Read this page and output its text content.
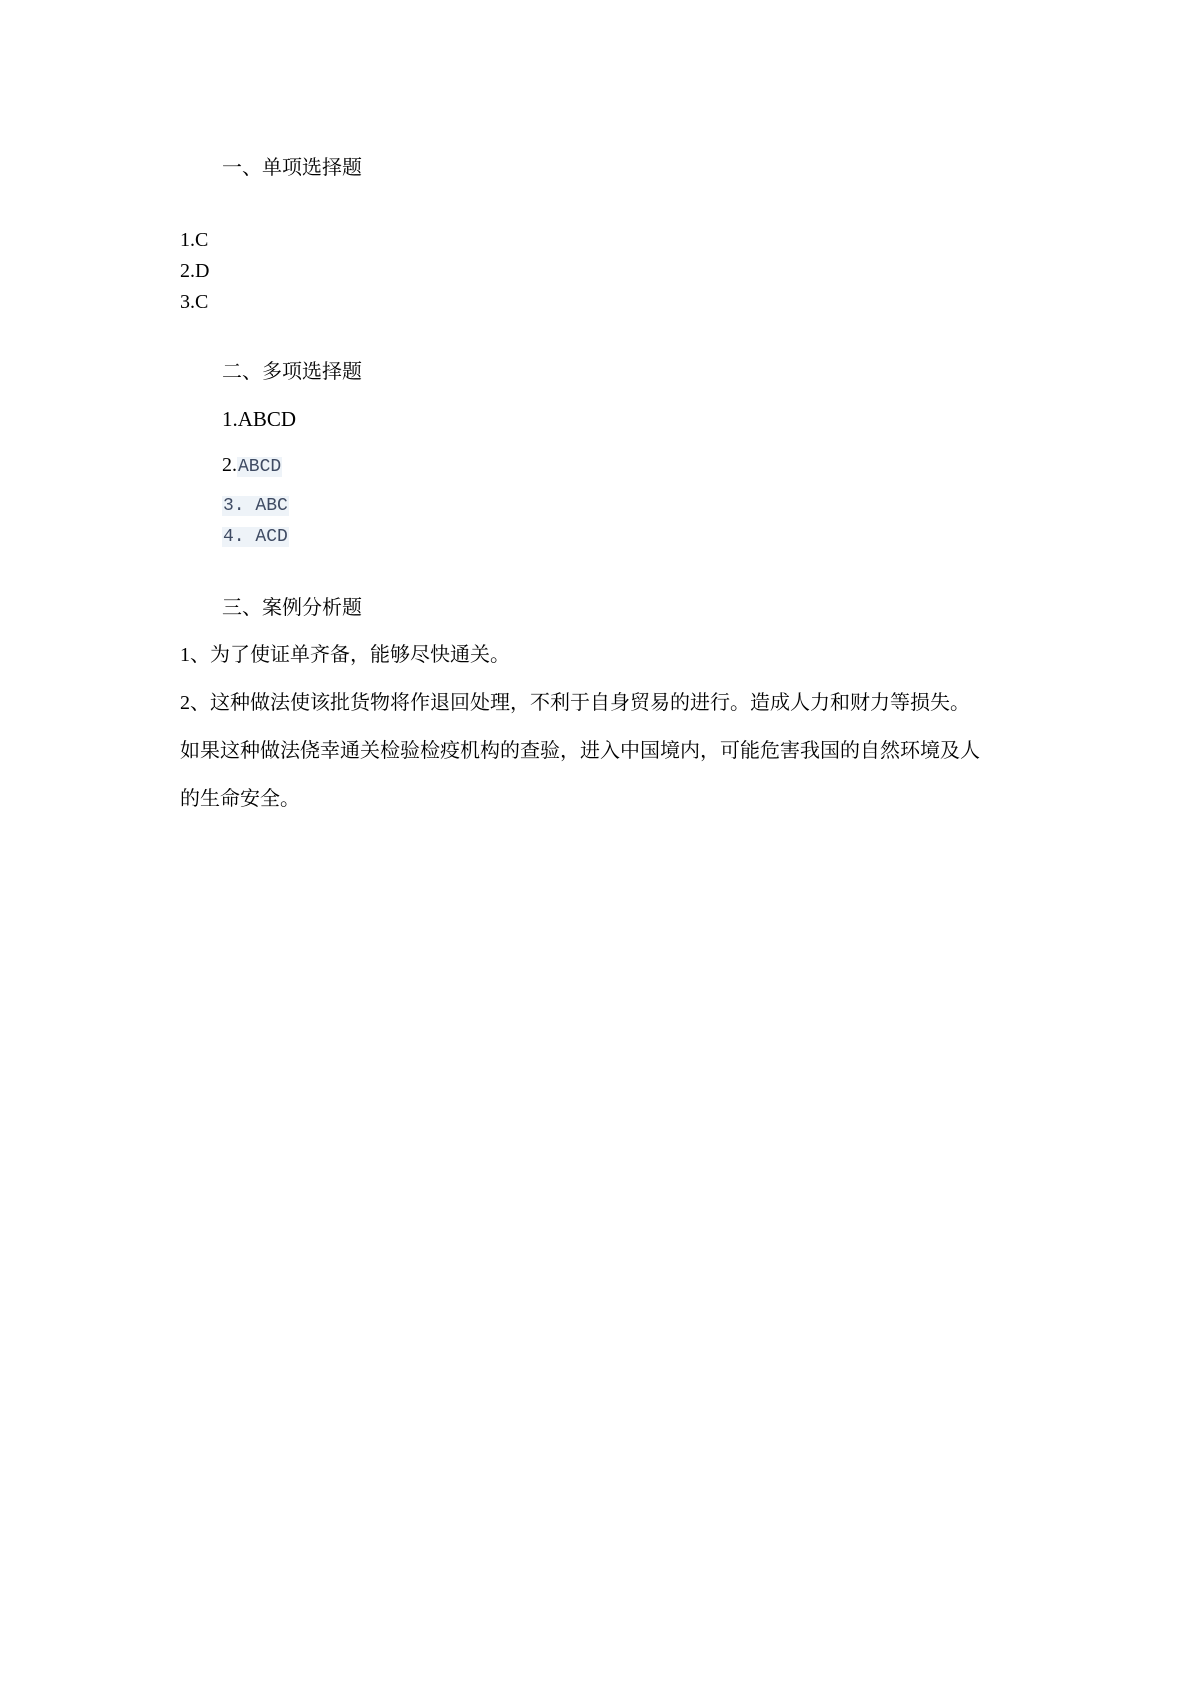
一、单项选择题
1.C
2.D
3.C
二、多项选择题
1.ABCD
2.ABCD
3. ABC
4. ACD
三、案例分析题
1、为了使证单齐备，能够尽快通关。
2、这种做法使该批货物将作退回处理，不利于自身贸易的进行。造成人力和财力等损失。
如果这种做法侥幸通关检验检疫机构的查验，进入中国境内，可能危害我国的自然环境及人
的生命安全。
